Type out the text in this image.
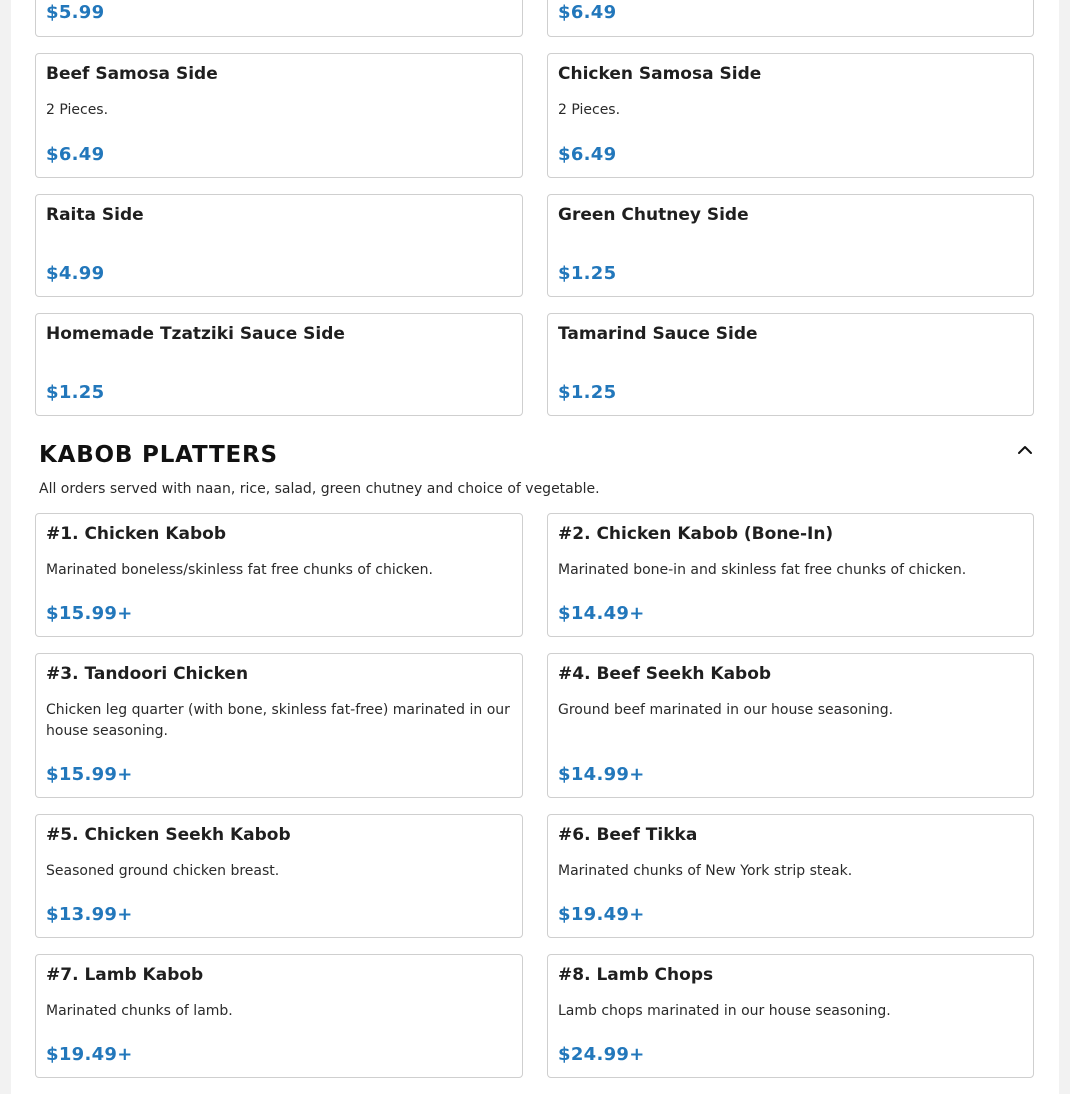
$5.99	$6.49
Beef Samosa Side
2 Pieces.
$6.49
Chicken Samosa Side
2 Pieces.
$6.49
Raita Side
$4.99
Green Chutney Side
$1.25
Homemade Tzatziki Sauce Side
$1.25
Tamarind Sauce Side
$1.25
KABOB PLATTERS
All orders served with naan, rice, salad, green chutney and choice of vegetable.
#1. Chicken Kabob
Marinated boneless/skinless fat free chunks of chicken.
$15.99+
#2. Chicken Kabob (Bone-In)
Marinated bone-in and skinless fat free chunks of chicken.
$14.49+
#3. Tandoori Chicken
Chicken leg quarter (with bone, skinless fat-free) marinated in our house seasoning.
$15.99+
#4. Beef Seekh Kabob
Ground beef marinated in our house seasoning.
$14.99+
#5. Chicken Seekh Kabob
Seasoned ground chicken breast.
$13.99+
#6. Beef Tikka
Marinated chunks of New York strip steak.
$19.49+
#7. Lamb Kabob
Marinated chunks of lamb.
$19.49+
#8. Lamb Chops
Lamb chops marinated in our house seasoning.
$24.99+
